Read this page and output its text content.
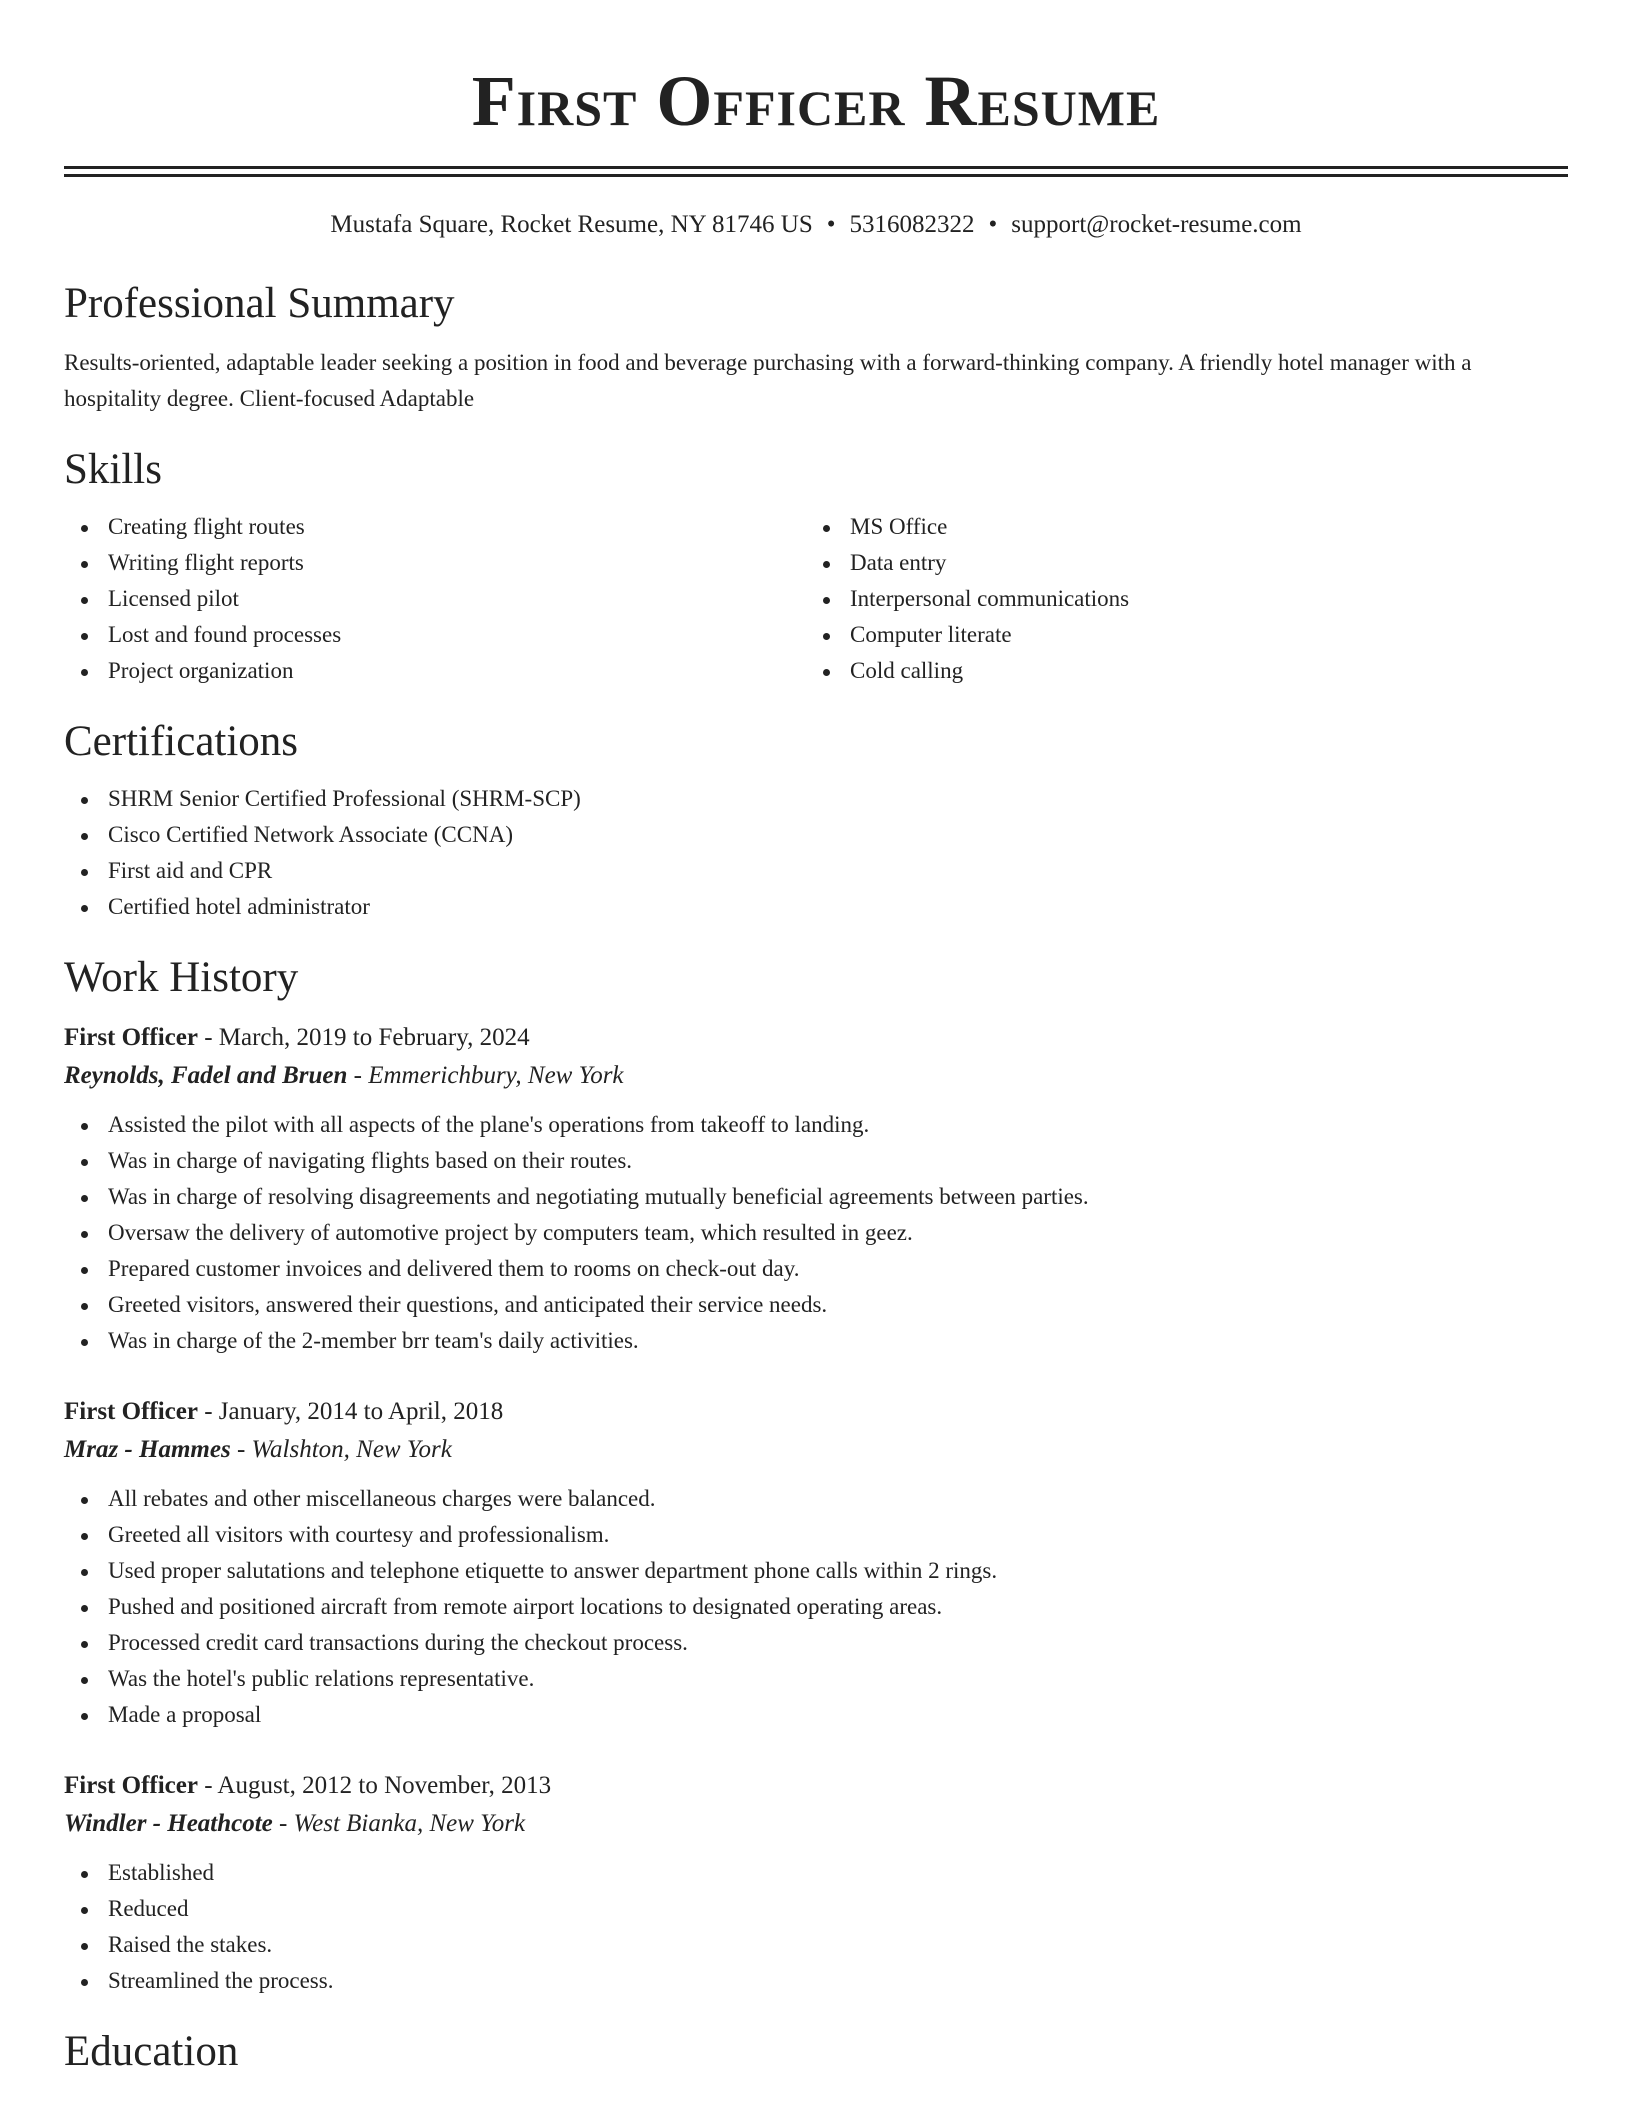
First Officer Resume
Mustafa Square, Rocket Resume, NY 81746 US • 5316082322 • support@rocket-resume.com
Professional Summary
Results-oriented, adaptable leader seeking a position in food and beverage purchasing with a forward-thinking company. A friendly hotel manager with a hospitality degree. Client-focused Adaptable
Skills
Creating flight routes
Writing flight reports
Licensed pilot
Lost and found processes
Project organization
MS Office
Data entry
Interpersonal communications
Computer literate
Cold calling
Certifications
SHRM Senior Certified Professional (SHRM-SCP)
Cisco Certified Network Associate (CCNA)
First aid and CPR
Certified hotel administrator
Work History
First Officer - March, 2019 to February, 2024
Reynolds, Fadel and Bruen - Emmerichbury, New York
Assisted the pilot with all aspects of the plane's operations from takeoff to landing.
Was in charge of navigating flights based on their routes.
Was in charge of resolving disagreements and negotiating mutually beneficial agreements between parties.
Oversaw the delivery of automotive project by computers team, which resulted in geez.
Prepared customer invoices and delivered them to rooms on check-out day.
Greeted visitors, answered their questions, and anticipated their service needs.
Was in charge of the 2-member brr team's daily activities.
First Officer - January, 2014 to April, 2018
Mraz - Hammes - Walshton, New York
All rebates and other miscellaneous charges were balanced.
Greeted all visitors with courtesy and professionalism.
Used proper salutations and telephone etiquette to answer department phone calls within 2 rings.
Pushed and positioned aircraft from remote airport locations to designated operating areas.
Processed credit card transactions during the checkout process.
Was the hotel's public relations representative.
Made a proposal
First Officer - August, 2012 to November, 2013
Windler - Heathcote - West Bianka, New York
Established
Reduced
Raised the stakes.
Streamlined the process.
Education
